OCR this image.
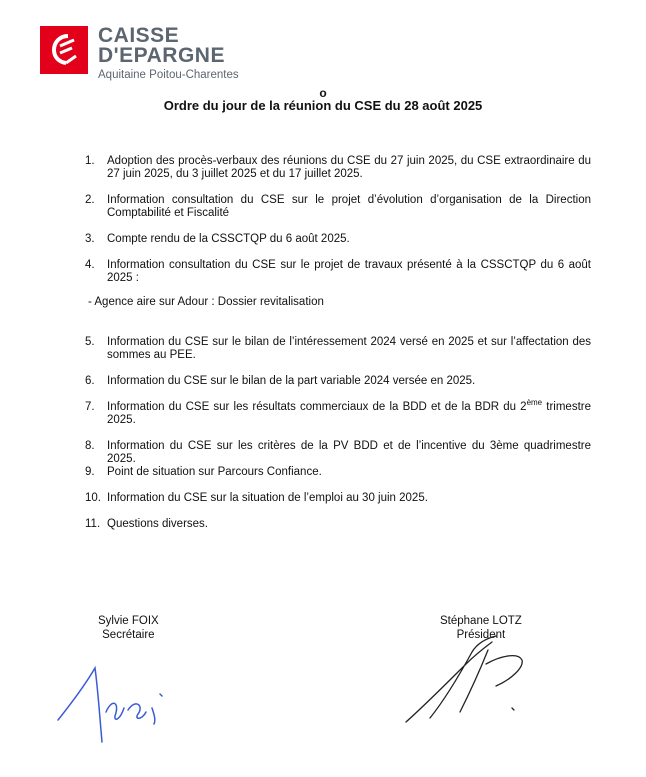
CAISSE
D'EPARGNE
Aquitaine Poitou-Charentes
o
Ordre du jour de la réunion du CSE du 28 août 2025
1.	Adoption des procès-verbaux des réunions du CSE du 27 juin 2025, du CSE extraordinaire du 27 juin 2025, du 3 juillet 2025 et du 17 juillet 2025.
2.	Information consultation du CSE sur le projet d’évolution d’organisation de la Direction Comptabilité et Fiscalité
3.	Compte rendu de la CSSCTQP du 6 août 2025.
4.	Information consultation du CSE sur le projet de travaux présenté à la CSSCTQP du 6 août 2025 :
5.	Information du CSE sur le bilan de l’intéressement 2024 versé en 2025 et sur l’affectation des sommes au PEE.
6.	Information du CSE sur le bilan de la part variable 2024 versée en 2025.
7.	Information du CSE sur les résultats commerciaux de la BDD et de la BDR du 2ème trimestre 2025.
8.	Information du CSE sur les critères de la PV BDD et de l’incentive du 3ème quadrimestre 2025.
9.	Point de situation sur Parcours Confiance.
10. Information du CSE sur la situation de l’emploi au 30 juin 2025.
11. Questions diverses.
- Agence aire sur Adour : Dossier revitalisation
Sylvie FOIX
Secrétaire
Stéphane LOTZ
Président
